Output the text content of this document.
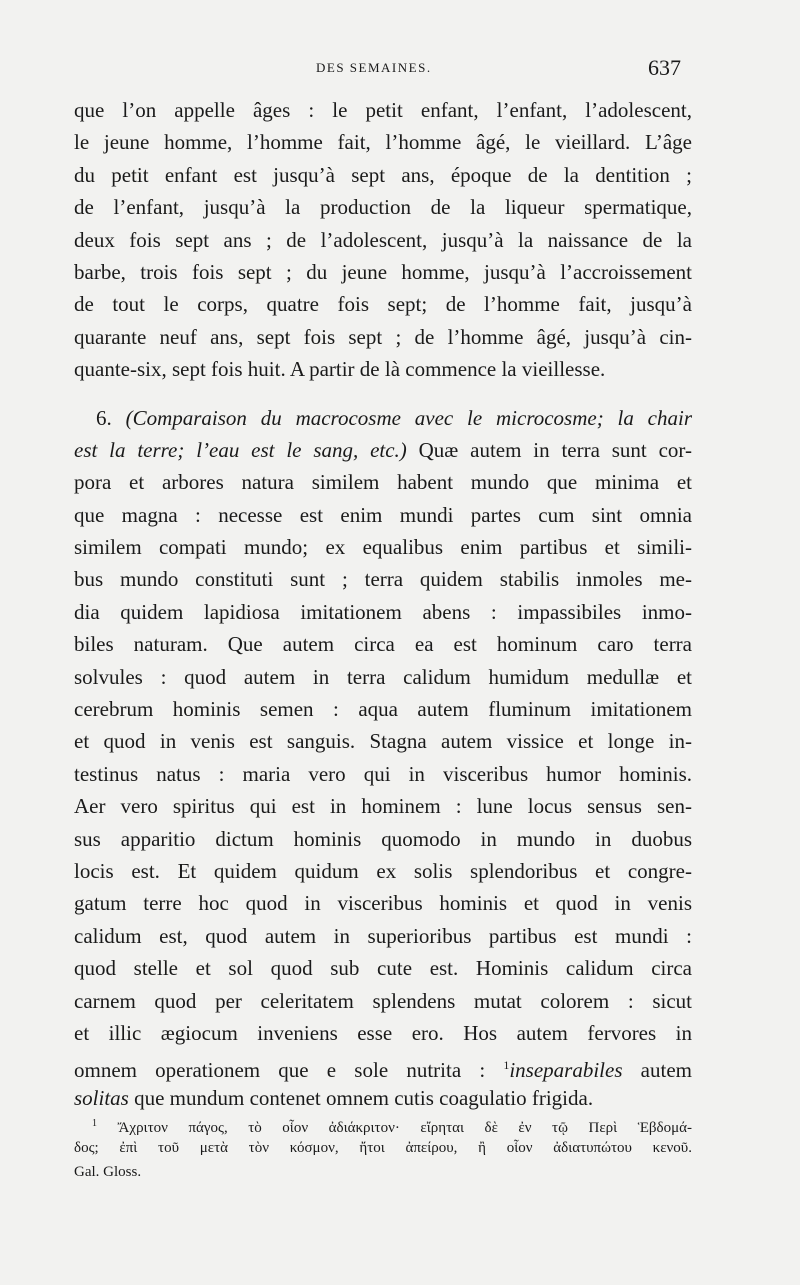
DES SEMAINES.	637
que l’on appelle âges : le petit enfant, l’enfant, l’adolescent,
le jeune homme, l’homme fait, l’homme âgé, le vieillard. L’âge
du petit enfant est jusqu’à sept ans, époque de la dentition ;
de l’enfant, jusqu’à la production de la liqueur spermatique,
deux fois sept ans ; de l’adolescent, jusqu’à la naissance de la
barbe, trois fois sept ; du jeune homme, jusqu’à l’accroissement
de tout le corps, quatre fois sept; de l’homme fait, jusqu’à
quarante neuf ans, sept fois sept ; de l’homme âgé, jusqu’à cin-
quante-six, sept fois huit. A partir de là commence la vieillesse.
6. (Comparaison du macrocosme avec le microcosme; la chair
est la terre; l’eau est le sang, etc.) Quæ autem in terra sunt cor-
pora et arbores natura similem habent mundo que minima et
que magna : necesse est enim mundi partes cum sint omnia
similem compati mundo; ex equalibus enim partibus et simili-
bus mundo constituti sunt ; terra quidem stabilis inmoles me-
dia quidem lapidiosa imitationem abens : impassibiles inmo-
biles naturam. Que autem circa ea est hominum caro terra
solvules : quod autem in terra calidum humidum medullæ et
cerebrum hominis semen : aqua autem fluminum imitationem
et quod in venis est sanguis. Stagna autem vissice et longe in-
testinus natus : maria vero qui in visceribus humor hominis.
Aer vero spiritus qui est in hominem : lune locus sensus sen-
sus apparitio dictum hominis quomodo in mundo in duobus
locis est. Et quidem quidum ex solis splendoribus et congre-
gatum terre hoc quod in visceribus hominis et quod in venis
calidum est, quod autem in superioribus partibus est mundi :
quod stelle et sol quod sub cute est. Hominis calidum circa
carnem quod per celeritatem splendens mutat colorem : sicut
et illic ægiocum inveniens esse ero. Hos autem fervores in
omnem operationem que e sole nutrita : $^1$inseparabiles autem
solitas que mundum contenet omnem cutis coagulatio frigida.
$^1$ Ἄχριτον πάγος, τὸ οἷον ἀδιάκριτον· εἴρηται δὲ ἐν τῷ Περὶ Ἑβδομά-
δος; ἐπὶ τοῦ μετὰ τὸν κόσμον, ἤτοι ἀπείρου, ἢ οἷον ἀδιατυπώτου κενοῦ.
Gal. Gloss.
